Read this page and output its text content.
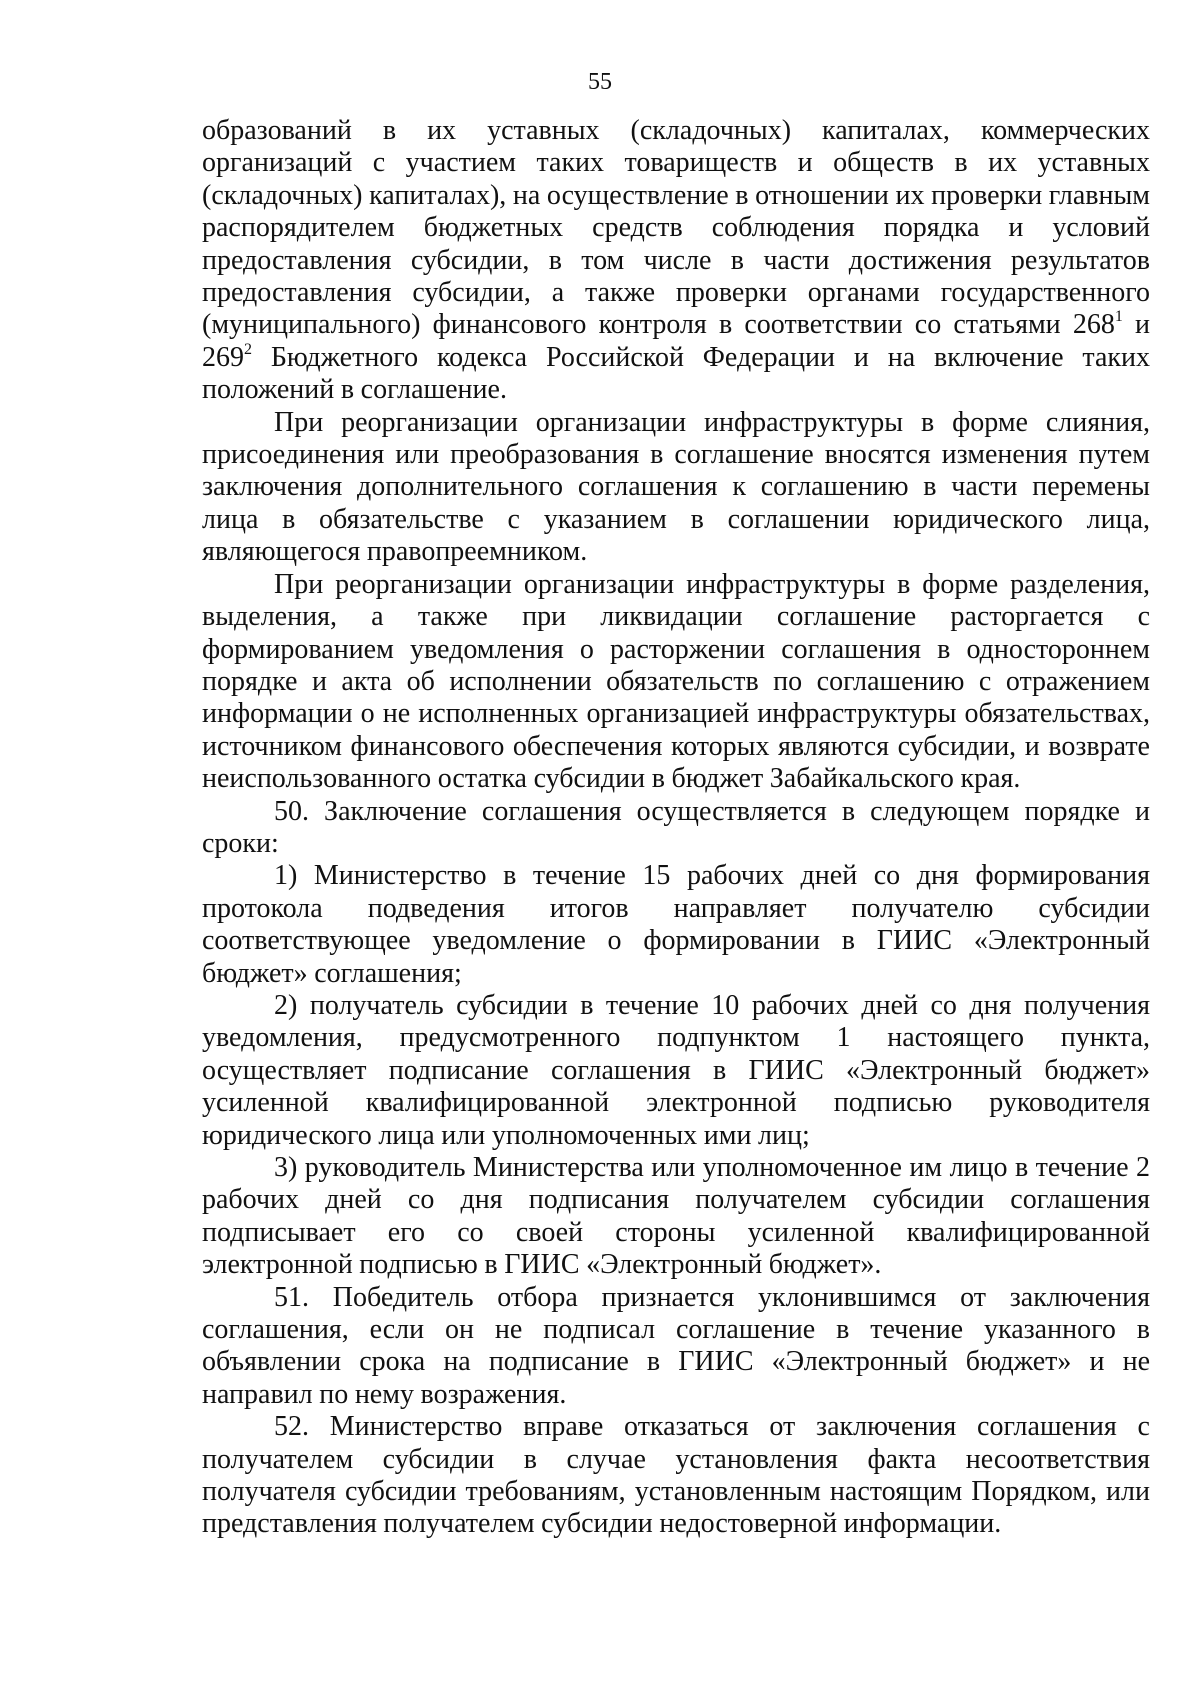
55

образований в их уставных (складочных) капиталах, коммерческих организаций с участием таких товариществ и обществ в их уставных (складочных) капиталах), на осуществление в отношении их проверки главным распорядителем бюджетных средств соблюдения порядка и условий предоставления субсидии, в том числе в части достижения результатов предоставления субсидии, а также проверки органами государственного (муниципального) финансового контроля в соответствии со статьями $268^1$ и $269^2$ Бюджетного кодекса Российской Федерации и на включение таких положений в соглашение.

При реорганизации организации инфраструктуры в форме слияния, присоединения или преобразования в соглашение вносятся изменения путем заключения дополнительного соглашения к соглашению в части перемены лица в обязательстве с указанием в соглашении юридического лица, являющегося правопреемником.

При реорганизации организации инфраструктуры в форме разделения, выделения, а также при ликвидации соглашение расторгается с формированием уведомления о расторжении соглашения в одностороннем порядке и акта об исполнении обязательств по соглашению с отражением информации о не исполненных организацией инфраструктуры обязательствах, источником финансового обеспечения которых являются субсидии, и возврате неиспользованного остатка субсидии в бюджет Забайкальского края.

50. Заключение соглашения осуществляется в следующем порядке и сроки:

1) Министерство в течение 15 рабочих дней со дня формирования протокола подведения итогов направляет получателю субсидии соответствующее уведомление о формировании в ГИИС «Электронный бюджет» соглашения;

2) получатель субсидии в течение 10 рабочих дней со дня получения уведомления, предусмотренного подпунктом 1 настоящего пункта, осуществляет подписание соглашения в ГИИС «Электронный бюджет» усиленной квалифицированной электронной подписью руководителя юридического лица или уполномоченных ими лиц;

3) руководитель Министерства или уполномоченное им лицо в течение 2 рабочих дней со дня подписания получателем субсидии соглашения подписывает его со своей стороны усиленной квалифицированной электронной подписью в ГИИС «Электронный бюджет».

51. Победитель отбора признается уклонившимся от заключения соглашения, если он не подписал соглашение в течение указанного в объявлении срока на подписание в ГИИС «Электронный бюджет» и не направил по нему возражения.

52. Министерство вправе отказаться от заключения соглашения с получателем субсидии в случае установления факта несоответствия получателя субсидии требованиям, установленным настоящим Порядком, или представления получателем субсидии недостоверной информации.
